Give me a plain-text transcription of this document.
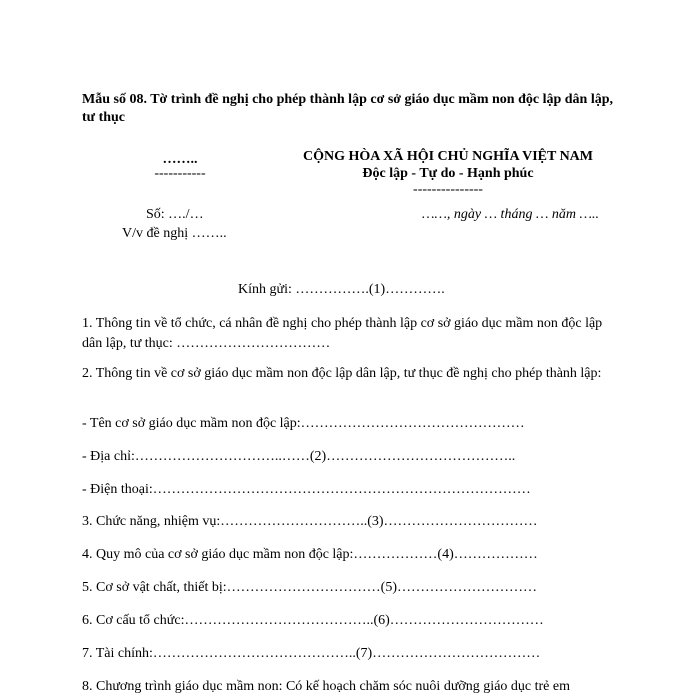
Mẫu số 08. Tờ trình đề nghị cho phép thành lập cơ sở giáo dục mầm non độc lập dân lập, tư thục
……..
-----------
CỘNG HÒA XÃ HỘI CHỦ NGHĨA VIỆT NAM
Độc lập - Tự do - Hạnh phúc
---------------
Số: …./…
V/v đề nghị ……..
……, ngày … tháng … năm …..
Kính gửi: …………….(1)………….
1. Thông tin về tổ chức, cá nhân đề nghị cho phép thành lập cơ sở giáo dục mầm non độc lập dân lập, tư thục: ……………………………
2. Thông tin về cơ sở giáo dục mầm non độc lập dân lập, tư thục đề nghị cho phép thành lập:
- Tên cơ sở giáo dục mầm non độc lập:…………………………………………
- Địa chỉ:…………………………..……(2)…………………………………..
- Điện thoại:………………………………………………………………………
3. Chức năng, nhiệm vụ:…………………………..(3)……………………………
4. Quy mô của cơ sở giáo dục mầm non độc lập:………………(4)………………
5. Cơ sở vật chất, thiết bị:……………………………(5)…………………………
6. Cơ cấu tổ chức:…………………………………..(6)……………………………
7. Tài chính:……………………………………..(7)………………………………
8. Chương trình giáo dục mầm non: Có kế hoạch chăm sóc nuôi dưỡng giáo dục trẻ em
